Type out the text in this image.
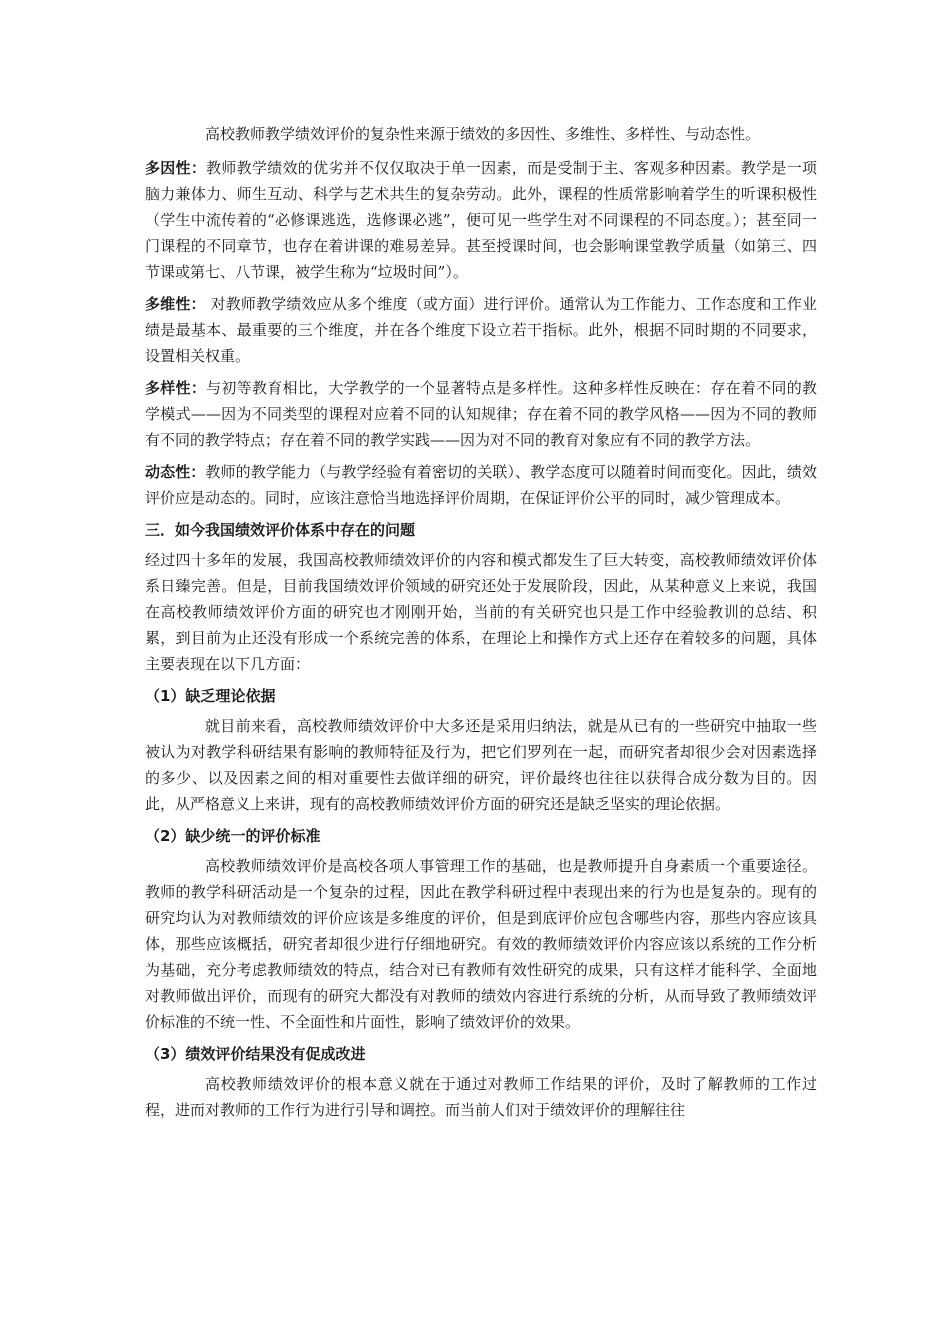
高校教师教学绩效评价的复杂性来源于绩效的多因性、多维性、多样性、与动态性。

多因性：教师教学绩效的优劣并不仅仅取决于单一因素，而是受制于主、客观多种因素。教学是一项脑力兼体力、师生互动、科学与艺术共生的复杂劳动。此外，课程的性质常影响着学生的听课积极性（学生中流传着的“必修课逃选，选修课必逃”，便可见一些学生对不同课程的不同态度。）；甚至同一门课程的不同章节，也存在着讲课的难易差异。甚至授课时间，也会影响课堂教学质量（如第三、四节课或第七、八节课，被学生称为“垃圾时间”）。

多维性： 对教师教学绩效应从多个维度（或方面）进行评价。通常认为工作能力、工作态度和工作业绩是最基本、最重要的三个维度，并在各个维度下设立若干指标。此外，根据不同时期的不同要求，设置相关权重。

多样性：与初等教育相比，大学教学的一个显著特点是多样性。这种多样性反映在：存在着不同的教学模式——因为不同类型的课程对应着不同的认知规律；存在着不同的教学风格——因为不同的教师有不同的教学特点；存在着不同的教学实践——因为对不同的教育对象应有不同的教学方法。

动态性：教师的教学能力（与教学经验有着密切的关联）、教学态度可以随着时间而变化。因此，绩效评价应是动态的。同时，应该注意恰当地选择评价周期，在保证评价公平的同时，减少管理成本。

三．如今我国绩效评价体系中存在的问题

经过四十多年的发展，我国高校教师绩效评价的内容和模式都发生了巨大转变，高校教师绩效评价体系日臻完善。但是，目前我国绩效评价领域的研究还处于发展阶段，因此，从某种意义上来说，我国在高校教师绩效评价方面的研究也才刚刚开始，当前的有关研究也只是工作中经验教训的总结、积累，到目前为止还没有形成一个系统完善的体系，在理论上和操作方式上还存在着较多的问题，具体主要表现在以下几方面：

（1）缺乏理论依据

就目前来看，高校教师绩效评价中大多还是采用归纳法，就是从已有的一些研究中抽取一些被认为对教学科研结果有影响的教师特征及行为，把它们罗列在一起，而研究者却很少会对因素选择的多少、以及因素之间的相对重要性去做详细的研究，评价最终也往往以获得合成分数为目的。因此，从严格意义上来讲，现有的高校教师绩效评价方面的研究还是缺乏坚实的理论依据。

（2）缺少统一的评价标准

高校教师绩效评价是高校各项人事管理工作的基础，也是教师提升自身素质一个重要途径。教师的教学科研活动是一个复杂的过程，因此在教学科研过程中表现出来的行为也是复杂的。现有的研究均认为对教师绩效的评价应该是多维度的评价，但是到底评价应包含哪些内容，那些内容应该具体，那些应该概括，研究者却很少进行仔细地研究。有效的教师绩效评价内容应该以系统的工作分析为基础，充分考虑教师绩效的特点，结合对已有教师有效性研究的成果，只有这样才能科学、全面地对教师做出评价，而现有的研究大都没有对教师的绩效内容进行系统的分析，从而导致了教师绩效评价标准的不统一性、不全面性和片面性，影响了绩效评价的效果。

（3）绩效评价结果没有促成改进

高校教师绩效评价的根本意义就在于通过对教师工作结果的评价，及时了解教师的工作过程，进而对教师的工作行为进行引导和调控。而当前人们对于绩效评价的理解往往
